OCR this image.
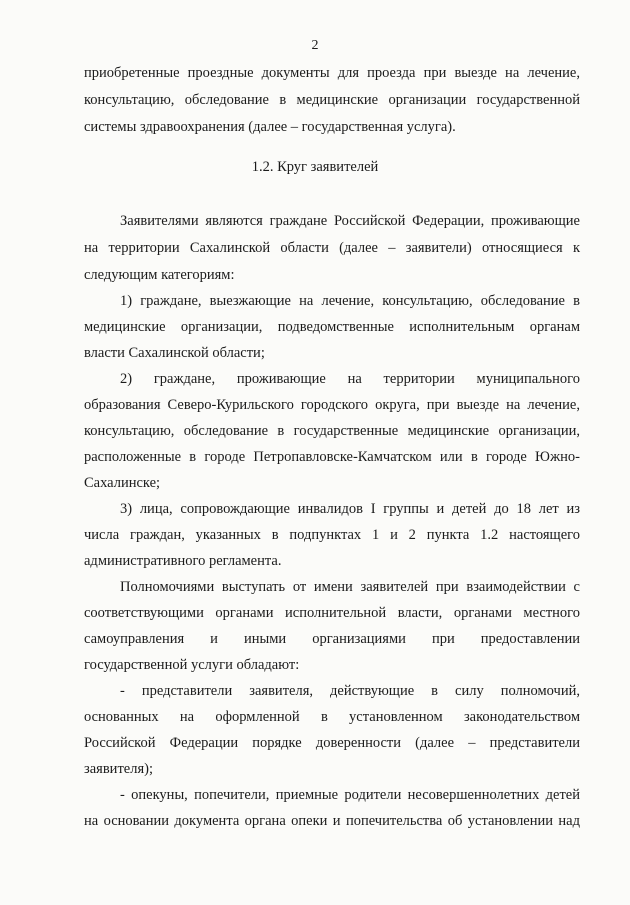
2
приобретенные проездные документы для проезда при выезде на лечение,
консультацию, обследование в медицинские организации государственной
системы здравоохранения (далее – государственная услуга).
1.2. Круг заявителей
Заявителями являются граждане Российской Федерации, проживающие
на территории Сахалинской области (далее – заявители) относящиеся к
следующим категориям:
1) граждане, выезжающие на лечение, консультацию, обследование в
медицинские организации, подведомственные исполнительным органам
власти Сахалинской области;
2) граждане, проживающие на территории муниципального
образования Северо-Курильского городского округа, при выезде на лечение,
консультацию, обследование в государственные медицинские организации,
расположенные в городе Петропавловске-Камчатском или в городе Южно-
Сахалинске;
3) лица, сопровождающие инвалидов I группы и детей до 18 лет из
числа граждан, указанных в подпунктах 1 и 2 пункта 1.2 настоящего
административного регламента.
Полномочиями выступать от имени заявителей при взаимодействии с
соответствующими органами исполнительной власти, органами местного
самоуправления и иными организациями при предоставлении
государственной услуги обладают:
- представители заявителя, действующие в силу полномочий,
основанных на оформленной в установленном законодательством
Российской Федерации порядке доверенности (далее – представители
заявителя);
- опекуны, попечители, приемные родители несовершеннолетних детей
на основании документа органа опеки и попечительства об установлении над
